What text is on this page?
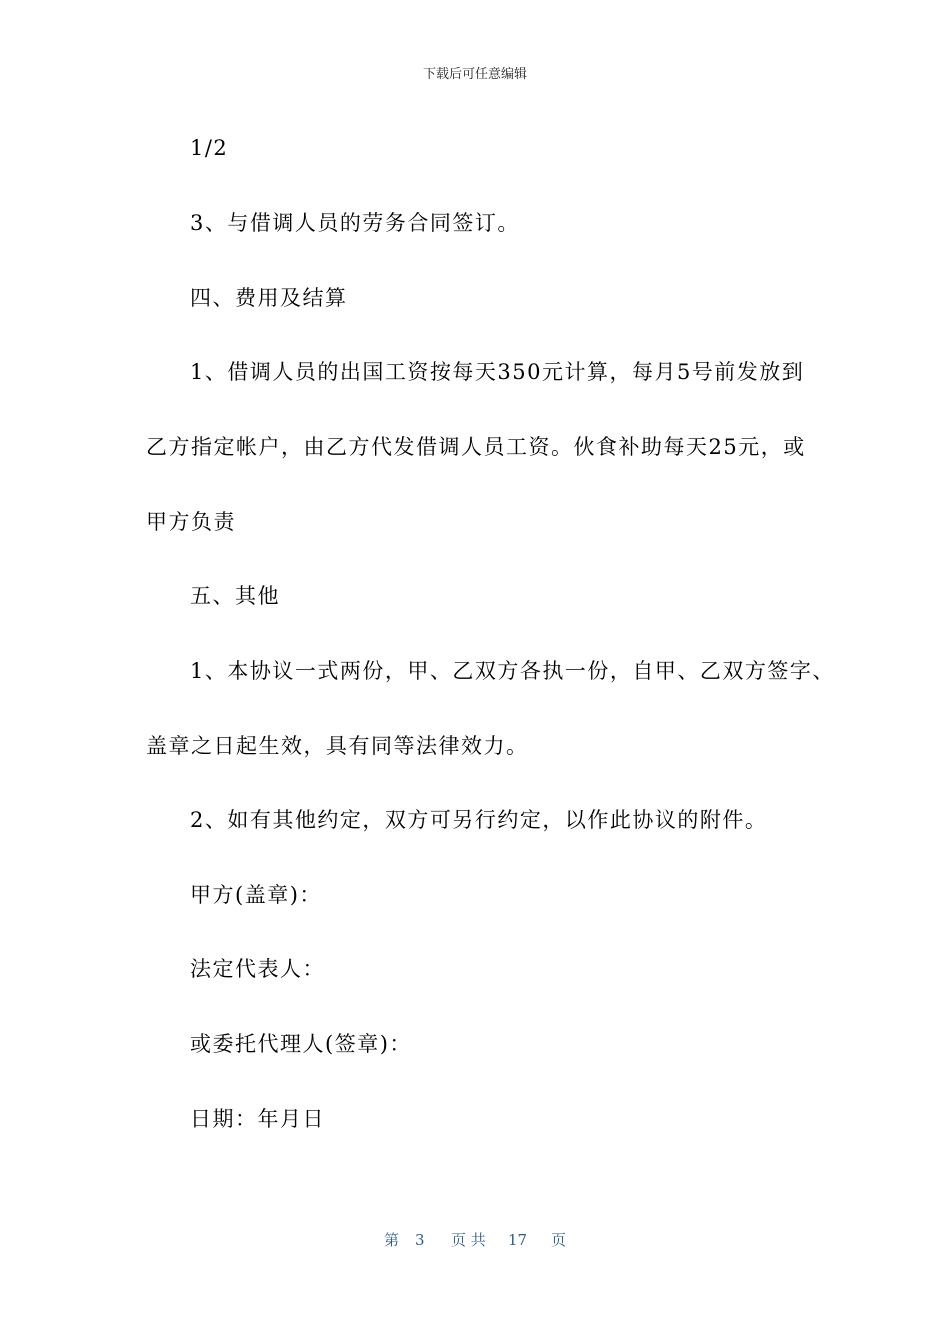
下载后可任意编辑
1/2
3、与借调人员的劳务合同签订。
四、费用及结算
1、借调人员的出国工资按每天350元计算，每月5号前发放到
乙方指定帐户，由乙方代发借调人员工资。伙食补助每天25元，或
甲方负责
五、其他
1、本协议一式两份，甲、乙双方各执一份，自甲、乙双方签字、
盖章之日起生效，具有同等法律效力。
2、如有其他约定，双方可另行约定，以作此协议的附件。
甲方(盖章)：
法定代表人：
或委托代理人(签章)：
日期：年月日
第 3 页 共 17 页
